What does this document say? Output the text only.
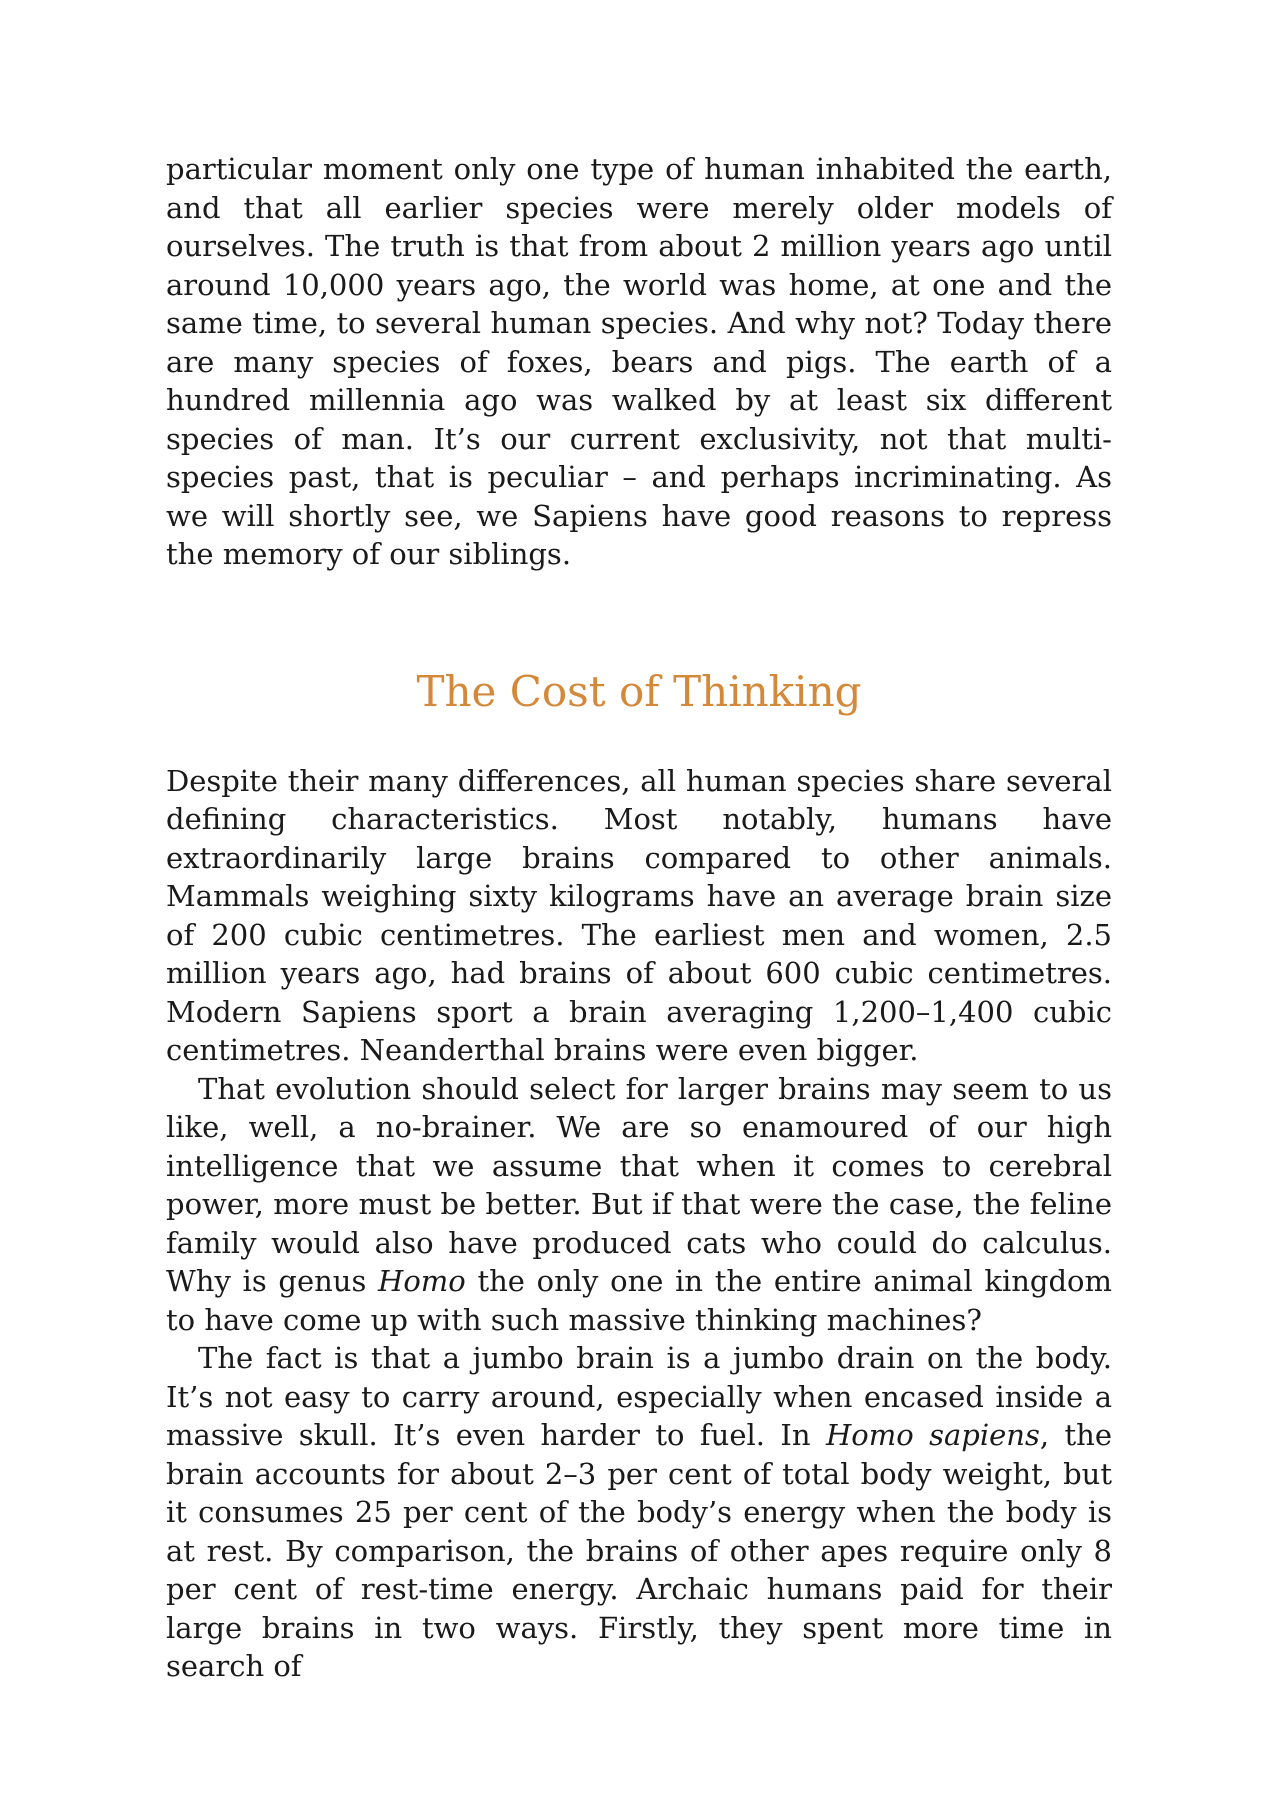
particular moment only one type of human inhabited the earth, and that all earlier species were merely older models of ourselves. The truth is that from about 2 million years ago until around 10,000 years ago, the world was home, at one and the same time, to several human species. And why not? Today there are many species of foxes, bears and pigs. The earth of a hundred millennia ago was walked by at least six different species of man. It’s our current exclusivity, not that multi-species past, that is peculiar – and perhaps incriminating. As we will shortly see, we Sapiens have good reasons to repress the memory of our siblings.

The Cost of Thinking

Despite their many differences, all human species share several defining characteristics. Most notably, humans have extraordinarily large brains compared to other animals. Mammals weighing sixty kilograms have an average brain size of 200 cubic centimetres. The earliest men and women, 2.5 million years ago, had brains of about 600 cubic centimetres. Modern Sapiens sport a brain averaging 1,200–1,400 cubic centimetres. Neanderthal brains were even bigger.

That evolution should select for larger brains may seem to us like, well, a no-brainer. We are so enamoured of our high intelligence that we assume that when it comes to cerebral power, more must be better. But if that were the case, the feline family would also have produced cats who could do calculus. Why is genus Homo the only one in the entire animal kingdom to have come up with such massive thinking machines?

The fact is that a jumbo brain is a jumbo drain on the body. It’s not easy to carry around, especially when encased inside a massive skull. It’s even harder to fuel. In Homo sapiens, the brain accounts for about 2–3 per cent of total body weight, but it consumes 25 per cent of the body’s energy when the body is at rest. By comparison, the brains of other apes require only 8 per cent of rest-time energy. Archaic humans paid for their large brains in two ways. Firstly, they spent more time in search of
